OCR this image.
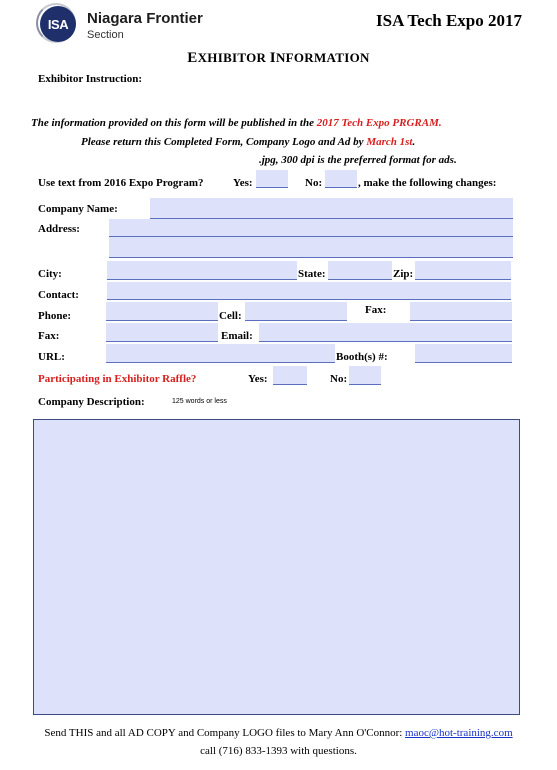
ISA Niagara Frontier
Section
ISA Tech Expo 2017
EXHIBITOR INFORMATION
Exhibitor Instruction:
The information provided on this form will be published in the 2017 Tech Expo PRGRAM.
Please return this Completed Form, Company Logo and Ad by March 1st.
.jpg, 300 dpi is the preferred format for ads.
Use text from 2016 Expo Program?	Yes:	No:	, make the following changes:
Company Name:
Address:
City:	State:	Zip:
Contact:
Phone:	Cell:	Fax:
Fax:	Email:
URL:	Booth(s) #:
Participating in Exhibitor Raffle?	Yes:	No:
Company Description:	125 words or less
Send THIS and all AD COPY and Company LOGO files to Mary Ann O'Connor: maoc@hot-training.com
call (716) 833-1393 with questions.
